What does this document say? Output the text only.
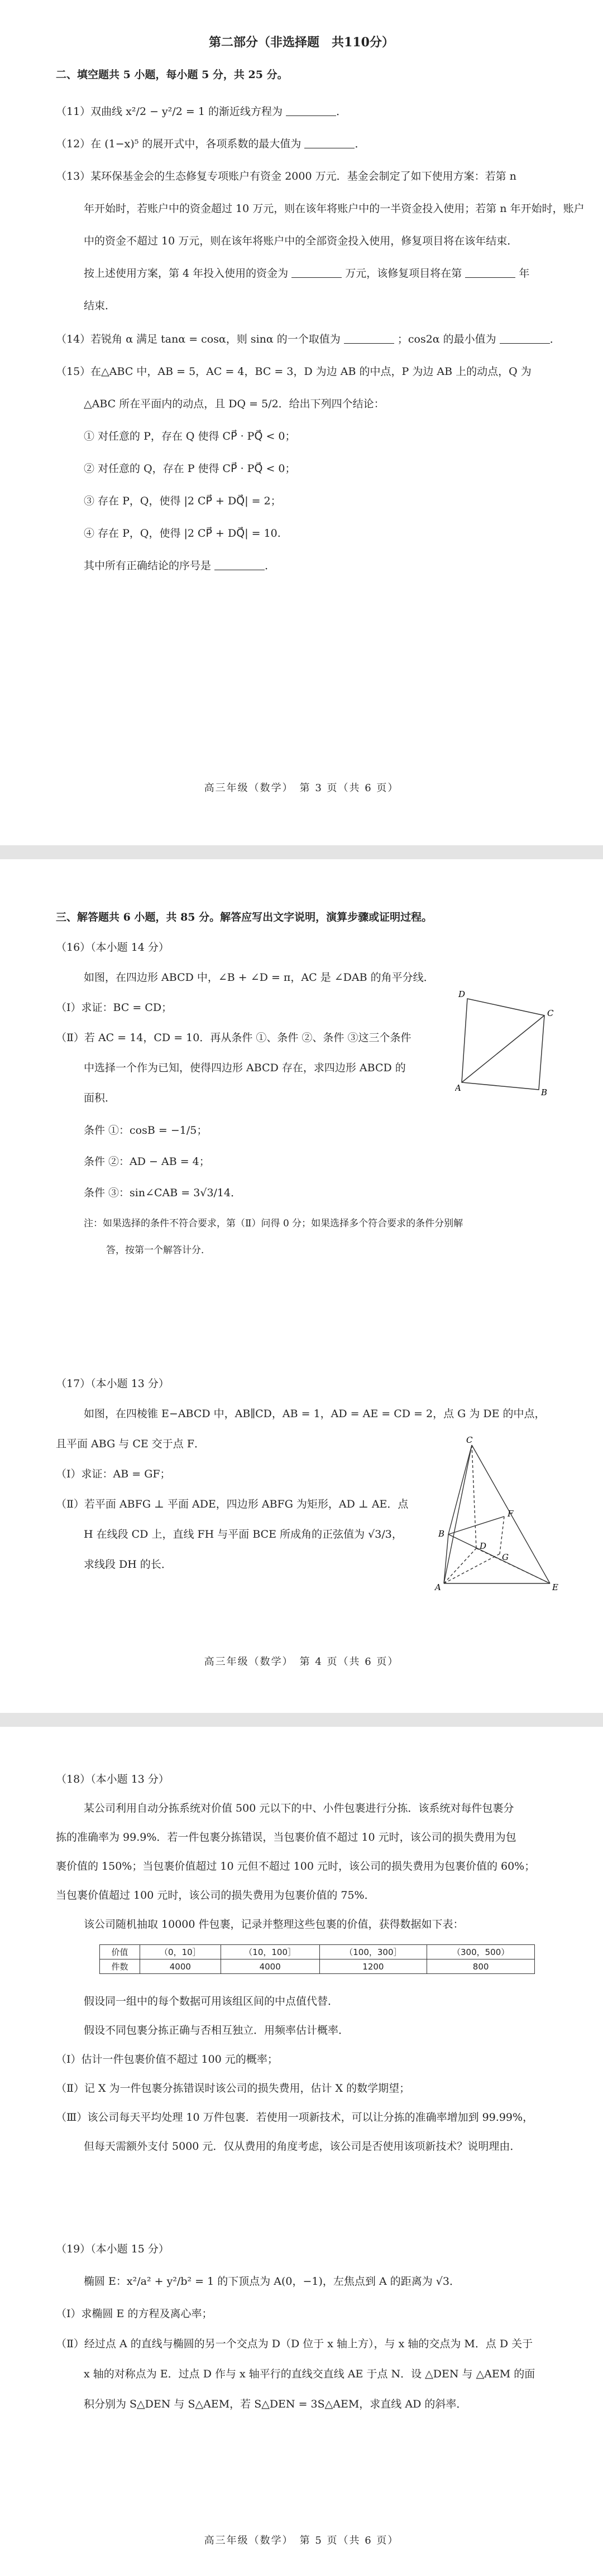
第二部分（非选择题　共110分）
二、填空题共 5 小题，每小题 5 分，共 25 分。
（11）双曲线 x²/2 − y²/2 = 1 的渐近线方程为	．
（12）在 (1−x)⁵ 的展开式中，各项系数的最大值为	．
（13）某环保基金会的生态修复专项账户有资金 2000 万元．基金会制定了如下使用方案：若第 n
年开始时，若账户中的资金超过 10 万元，则在该年将账户中的一半资金投入使用；若第 n 年开始时，账户
中的资金不超过 10 万元，则在该年将账户中的全部资金投入使用，修复项目将在该年结束．
按上述使用方案，第 4 年投入使用的资金为	万元，该修复项目将在第	年
结束．
（14）若锐角 α 满足 tanα = cosα，则 sinα 的一个取值为	；cos2α 的最小值为	．
（15）在△ABC 中，AB = 5，AC = 4，BC = 3，D 为边 AB 的中点，P 为边 AB 上的动点，Q 为
△ABC 所在平面内的动点，且 DQ = 5/2．给出下列四个结论：
① 对任意的 P，存在 Q 使得 CP⃗ · PQ⃗ < 0；
② 对任意的 Q，存在 P 使得 CP⃗ · PQ⃗ < 0；
③ 存在 P，Q，使得 |2 CP⃗ + DQ⃗| = 2；
④ 存在 P，Q，使得 |2 CP⃗ + DQ⃗| = 10.
其中所有正确结论的序号是	．
高三年级（数学）　第 3 页（共 6 页）
三、解答题共 6 小题，共 85 分。解答应写出文字说明，演算步骤或证明过程。
（16）（本小题 14 分）
如图，在四边形 ABCD 中，∠B + ∠D = π，AC 是 ∠DAB 的角平分线．
（Ⅰ）求证：BC = CD；
（Ⅱ）若 AC = 14，CD = 10．再从条件 ①、条件 ②、条件 ③这三个条件
中选择一个作为已知，使得四边形 ABCD 存在，求四边形 ABCD 的
面积．
条件 ①：cosB = −1/5；
条件 ②：AD − AB = 4；
条件 ③：sin∠CAB = 3√3/14．
注：如果选择的条件不符合要求，第（Ⅱ）问得 0 分；如果选择多个符合要求的条件分别解
答，按第一个解答计分．
D
C
A	B
（17）（本小题 13 分）
如图，在四棱锥 E−ABCD 中，AB∥CD，AB = 1，AD = AE = CD = 2，点 G 为 DE 的中点，
且平面 ABG 与 CE 交于点 F．
（Ⅰ）求证：AB = GF；
（Ⅱ）若平面 ABFG ⊥ 平面 ADE，四边形 ABFG 为矩形，AD ⊥ AE．点
H 在线段 CD 上，直线 FH 与平面 BCE 所成角的正弦值为 √3/3，
求线段 DH 的长．
C
F
B
D
G
A	E
高三年级（数学）　第 4 页（共 6 页）
（18）（本小题 13 分）
某公司利用自动分拣系统对价值 500 元以下的中、小件包裹进行分拣．该系统对每件包裹分
拣的准确率为 99.9%．若一件包裹分拣错误，当包裹价值不超过 10 元时，该公司的损失费用为包
裹价值的 150%；当包裹价值超过 10 元但不超过 100 元时，该公司的损失费用为包裹价值的 60%；
当包裹价值超过 100 元时，该公司的损失费用为包裹价值的 75%．
该公司随机抽取 10000 件包裹，记录并整理这些包裹的价值，获得数据如下表：
价值	（0，10］	（10，100］	（100，300］	（300，500）
件数	4000	4000	1200	800
假设同一组中的每个数据可用该组区间的中点值代替．
假设不同包裹分拣正确与否相互独立．用频率估计概率．
（Ⅰ）估计一件包裹价值不超过 100 元的概率；
（Ⅱ）记 X 为一件包裹分拣错误时该公司的损失费用，估计 X 的数学期望；
（Ⅲ）该公司每天平均处理 10 万件包裹．若使用一项新技术，可以让分拣的准确率增加到 99.99%，
但每天需额外支付 5000 元．仅从费用的角度考虑，该公司是否使用该项新技术？说明理由．
（19）（本小题 15 分）
椭圆 E：x²/a² + y²/b² = 1 的下顶点为 A(0，−1)，左焦点到 A 的距离为 √3．
（Ⅰ）求椭圆 E 的方程及离心率；
（Ⅱ）经过点 A 的直线与椭圆的另一个交点为 D（D 位于 x 轴上方），与 x 轴的交点为 M．点 D 关于
x 轴的对称点为 E．过点 D 作与 x 轴平行的直线交直线 AE 于点 N．设 △DEN 与 △AEM 的面
积分别为 S△DEN 与 S△AEM，若 S△DEN = 3S△AEM，求直线 AD 的斜率．
高三年级（数学）　第 5 页（共 6 页）
